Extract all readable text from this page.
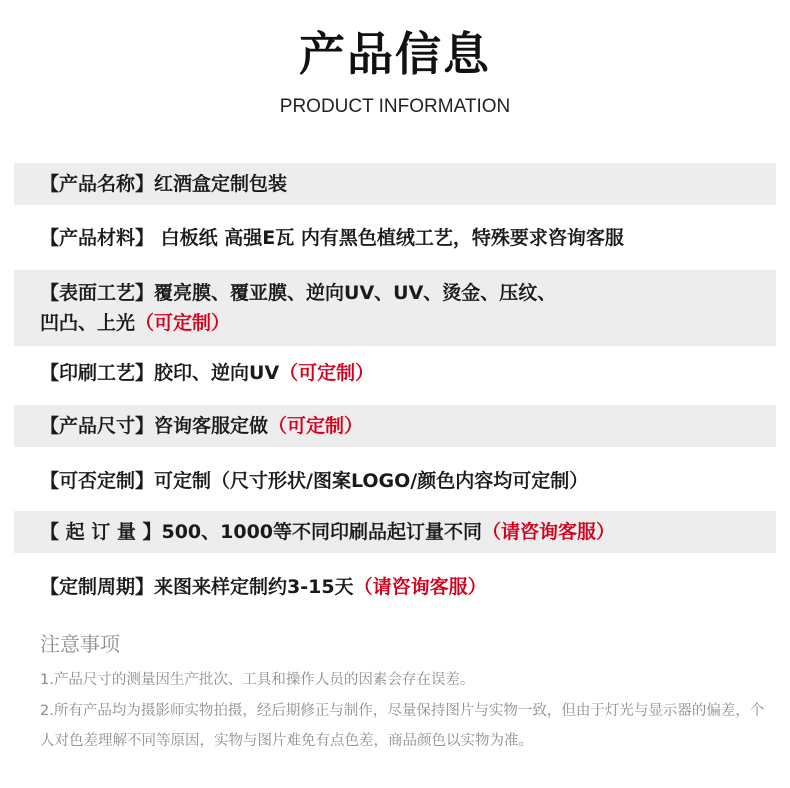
产品信息
PRODUCT INFORMATION
【产品名称】红酒盒定制包装
【产品材料】 白板纸 高强E瓦 内有黑色植绒工艺，特殊要求咨询客服
【表面工艺】覆亮膜、覆亚膜、逆向UV、UV、烫金、压纹、凹凸、上光（可定制）
【印刷工艺】胶印、逆向UV（可定制）
【产品尺寸】咨询客服定做（可定制）
【可否定制】可定制（尺寸形状/图案LOGO/颜色内容均可定制）
【 起 订 量 】500、1000等不同印刷品起订量不同（请咨询客服）
【定制周期】来图来样定制约3-15天（请咨询客服）
注意事项
1.产品尺寸的测量因生产批次、工具和操作人员的因素会存在误差。
2.所有产品均为摄影师实物拍摄，经后期修正与制作，尽量保持图片与实物一致，但由于灯光与显示器的偏差，个人对色差理解不同等原因，实物与图片难免有点色差，商品颜色以实物为准。
